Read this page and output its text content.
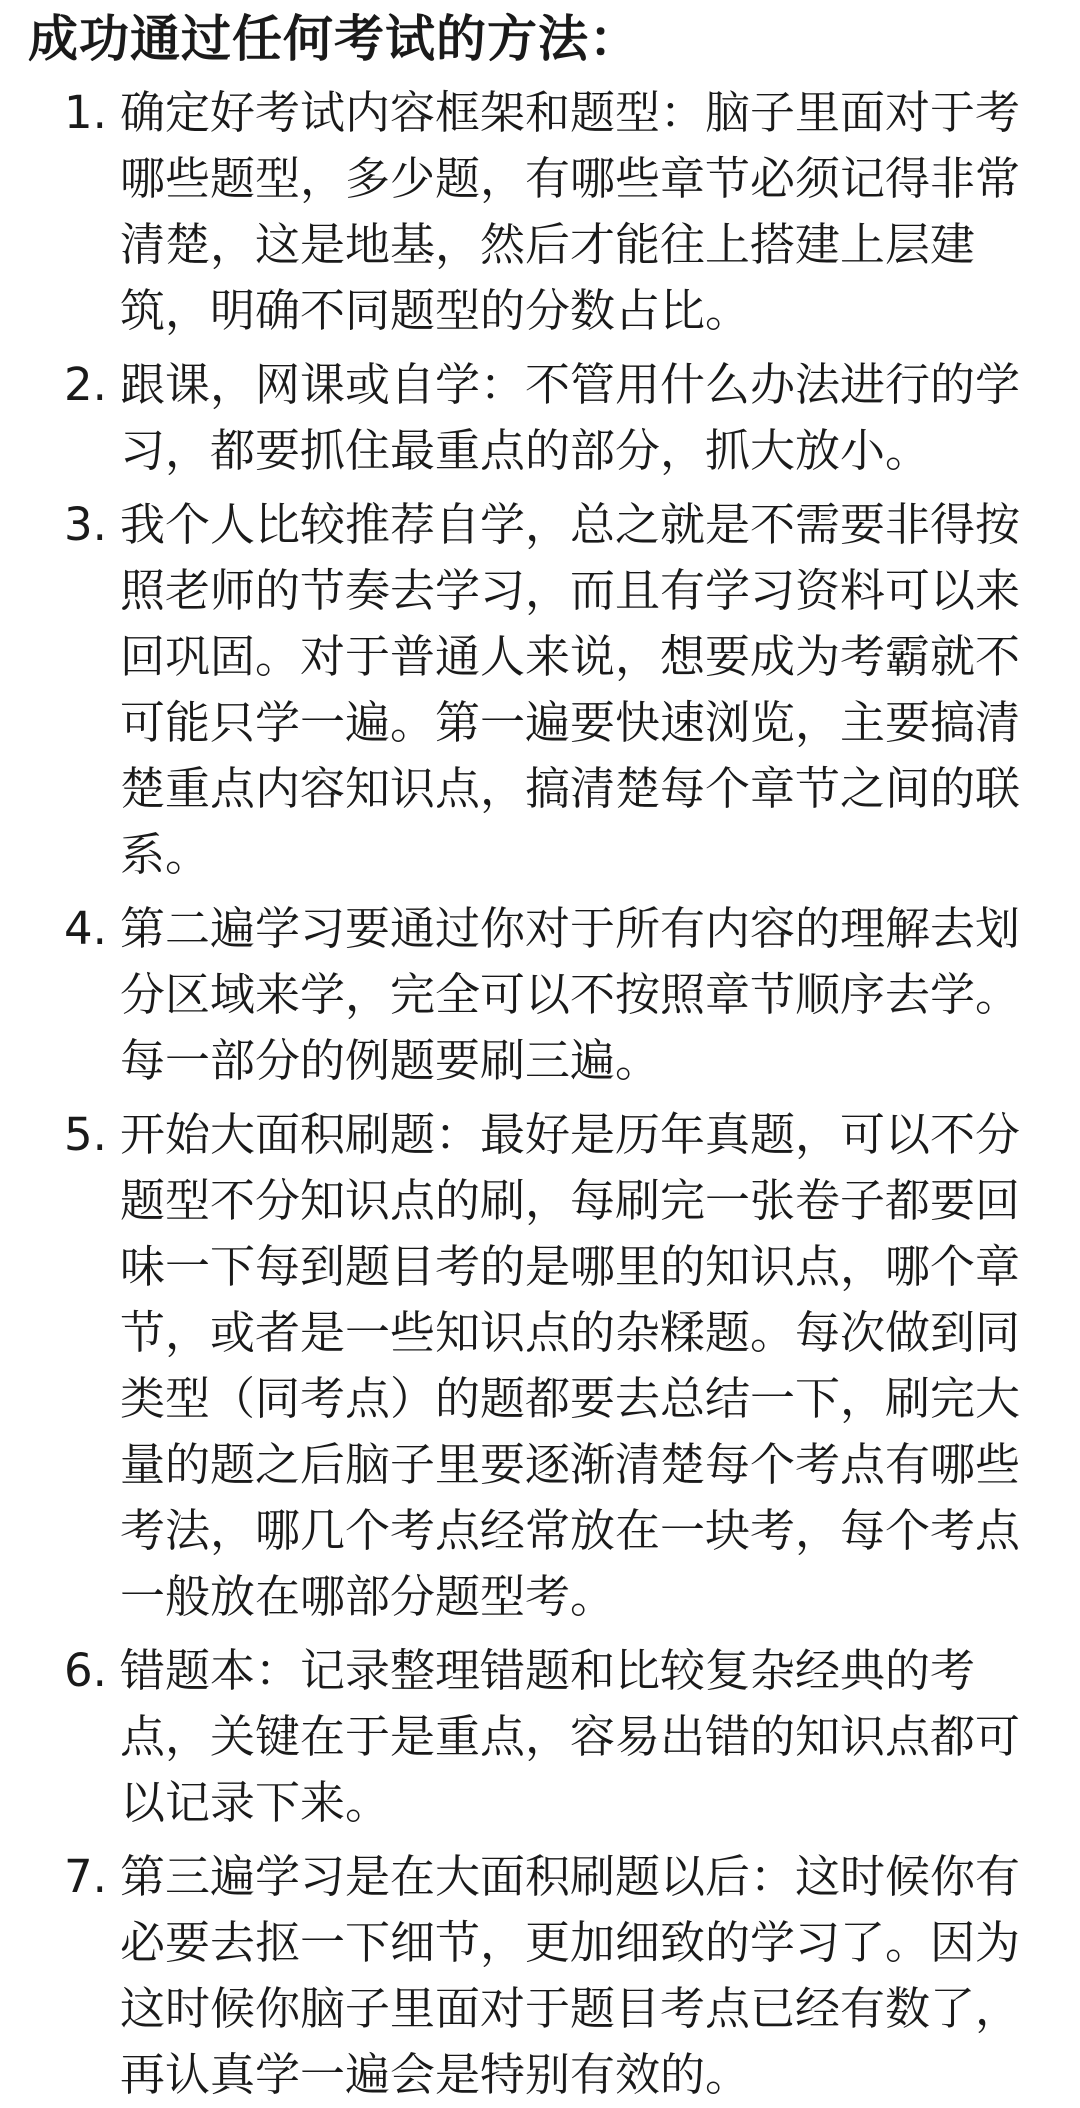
成功通过任何考试的方法：
1. 确定好考试内容框架和题型：脑子里面对于考哪些题型，多少题，有哪些章节必须记得非常清楚，这是地基，然后才能往上搭建上层建筑，明确不同题型的分数占比。
2. 跟课，网课或自学：不管用什么办法进行的学习，都要抓住最重点的部分，抓大放小。
3. 我个人比较推荐自学，总之就是不需要非得按照老师的节奏去学习，而且有学习资料可以来回巩固。对于普通人来说，想要成为考霸就不可能只学一遍。第一遍要快速浏览，主要搞清楚重点内容知识点，搞清楚每个章节之间的联系。
4. 第二遍学习要通过你对于所有内容的理解去划分区域来学，完全可以不按照章节顺序去学。每一部分的例题要刷三遍。
5. 开始大面积刷题：最好是历年真题，可以不分题型不分知识点的刷，每刷完一张卷子都要回味一下每到题目考的是哪里的知识点，哪个章节，或者是一些知识点的杂糅题。每次做到同类型（同考点）的题都要去总结一下，刷完大量的题之后脑子里要逐渐清楚每个考点有哪些考法，哪几个考点经常放在一块考，每个考点一般放在哪部分题型考。
6. 错题本：记录整理错题和比较复杂经典的考点，关键在于是重点，容易出错的知识点都可以记录下来。
7. 第三遍学习是在大面积刷题以后：这时候你有必要去抠一下细节，更加细致的学习了。因为这时候你脑子里面对于题目考点已经有数了，再认真学一遍会是特别有效的。
